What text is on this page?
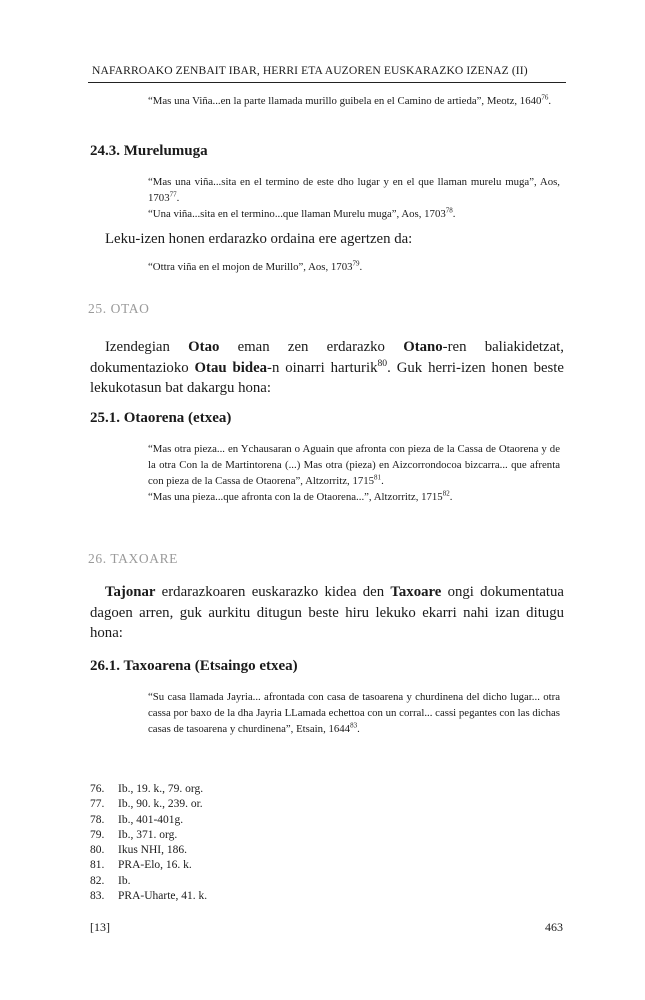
NAFARROAKO ZENBAIT IBAR, HERRI ETA AUZOREN EUSKARAZKO IZENAZ (II)

“Mas una Viña...en la parte llamada murillo guibela en el Camino de artieda”, Meotz, 1640$^{76}$.

24.3. Murelumuga

“Mas una viña...sita en el termino de este dho lugar y en el que llaman murelu muga”, Aos, 1703$^{77}$.

“Una viña...sita en el termino...que llaman Murelu muga”, Aos, 1703$^{78}$.

Leku-izen honen erdarazko ordaina ere agertzen da:

“Ottra viña en el mojon de Murillo”, Aos, 1703$^{79}$.

25. OTAO
Izendegian Otao eman zen erdarazko Otano-ren baliakidetzat, dokumentazioko Otau bidea-n oinarri harturik$^{80}$. Guk herri-izen honen beste lekukotasun bat dakargu hona:
25.1. Otaorena (etxea)

“Mas otra pieza... en Ychausaran o Aguain que afronta con pieza de la Cassa de Otaorena y de la otra Con la de Martintorena (...) Mas otra (pieza) en Aizcorrondocoa bizcarra... que afrenta con pieza de la Cassa de Otaorena”, Altzorritz, 1715$^{81}$.

“Mas una pieza...que afronta con la de Otaorena...”, Altzorritz, 1715$^{82}$.

26. TAXOARE
Tajonar erdarazkoaren euskarazko kidea den Taxoare ongi dokumentatua dagoen arren, guk aurkitu ditugun beste hiru lekuko ekarri nahi izan ditugu hona:
26.1. Taxoarena (Etsaingo etxea)

“Su casa llamada Jayria... afrontada con casa de tasoarena y churdinena del dicho lugar... otra cassa por baxo de la dha Jayria LLamada echettoa con un corral... cassi pegantes con las dichas casas de tasoarena y churdinena”, Etsain, 1644$^{83}$.

76. Ib., 19. k., 79. org.
77. Ib., 90. k., 239. or.
78. Ib., 401-401g.
79. Ib., 371. org.
80. Ikus NHI, 186.
81. PRA-Elo, 16. k.
82. Ib.
83. PRA-Uharte, 41. k.
[13]	463
